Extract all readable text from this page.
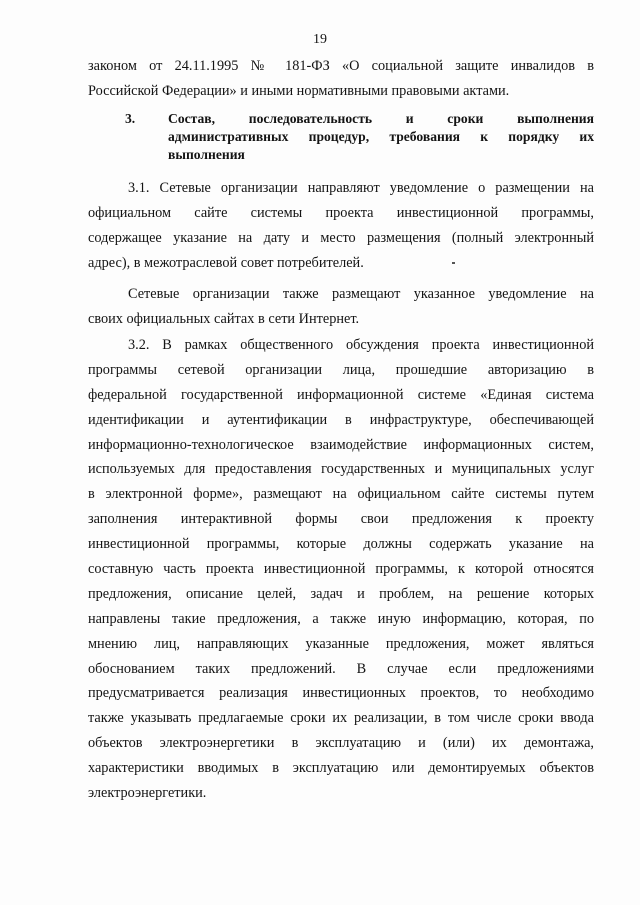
19
законом от 24.11.1995 № 181-ФЗ «О социальной защите инвалидов в
Российской Федерации» и иными нормативными правовыми актами.
3. Состав, последовательность и сроки выполнения
административных процедур, требования к порядку их
выполнения
3.1. Сетевые организации направляют уведомление о размещении на
официальном сайте системы проекта инвестиционной программы,
содержащее указание на дату и место размещения (полный электронный
адрес), в межотраслевой совет потребителей.
Сетевые организации также размещают указанное уведомление на
своих официальных сайтах в сети Интернет.
3.2. В рамках общественного обсуждения проекта инвестиционной
программы сетевой организации лица, прошедшие авторизацию в
федеральной государственной информационной системе «Единая система
идентификации и аутентификации в инфраструктуре, обеспечивающей
информационно-технологическое взаимодействие информационных систем,
используемых для предоставления государственных и муниципальных услуг
в электронной форме», размещают на официальном сайте системы путем
заполнения интерактивной формы свои предложения к проекту
инвестиционной программы, которые должны содержать указание на
составную часть проекта инвестиционной программы, к которой относятся
предложения, описание целей, задач и проблем, на решение которых
направлены такие предложения, а также иную информацию, которая, по
мнению лиц, направляющих указанные предложения, может являться
обоснованием таких предложений. В случае если предложениями
предусматривается реализация инвестиционных проектов, то необходимо
также указывать предлагаемые сроки их реализации, в том числе сроки ввода
объектов электроэнергетики в эксплуатацию и (или) их демонтажа,
характеристики вводимых в эксплуатацию или демонтируемых объектов
электроэнергетики.
